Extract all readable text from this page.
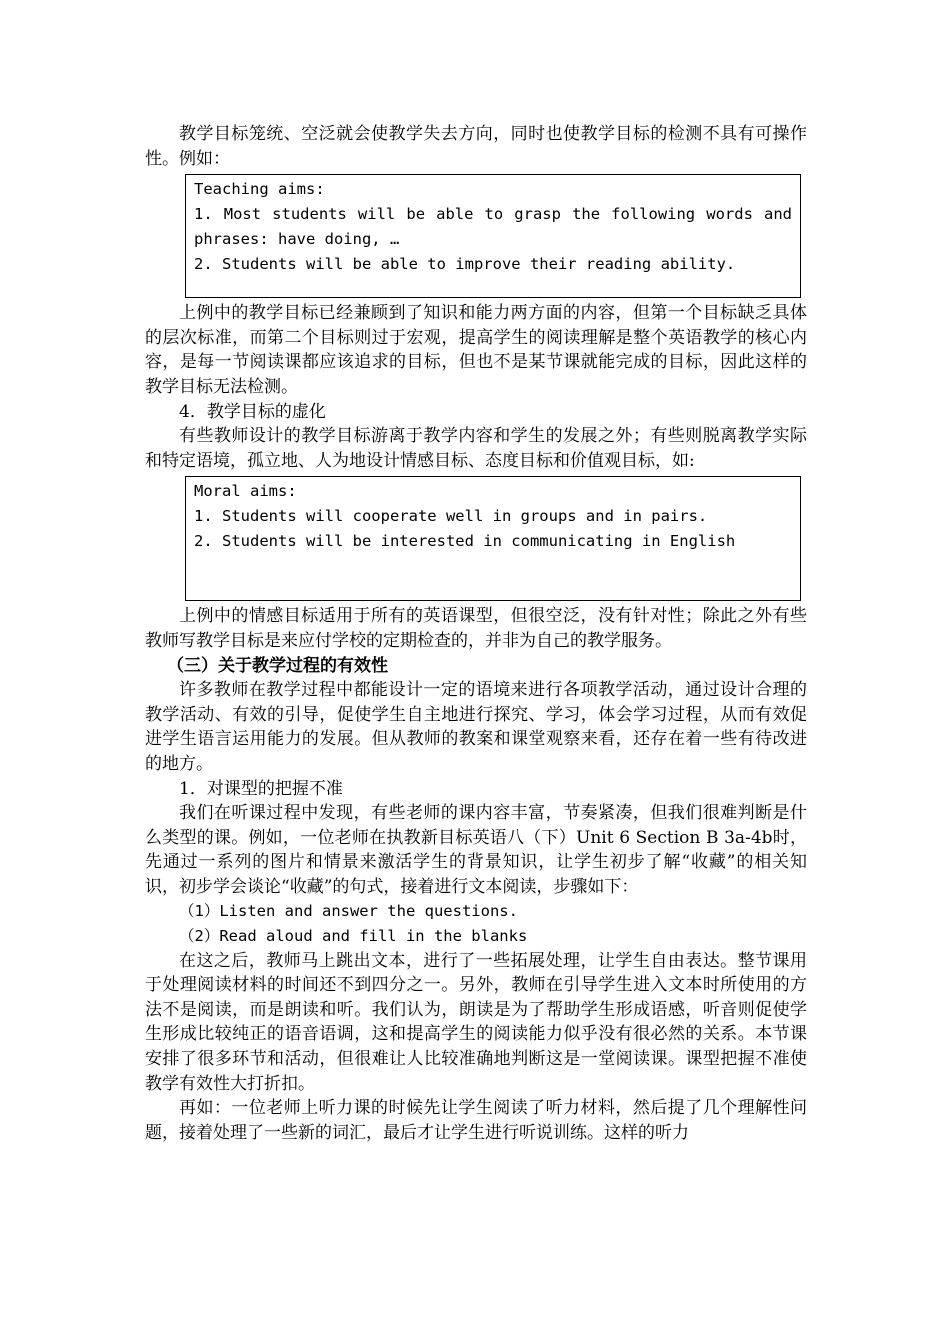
教学目标笼统、空泛就会使教学失去方向，同时也使教学目标的检测不具有可操作性。例如：

Teaching aims:
1. Most students will be able to grasp the following words and phrases: have doing, …
2. Students will be able to improve their reading ability.

上例中的教学目标已经兼顾到了知识和能力两方面的内容，但第一个目标缺乏具体的层次标准，而第二个目标则过于宏观，提高学生的阅读理解是整个英语教学的核心内容，是每一节阅读课都应该追求的目标，但也不是某节课就能完成的目标，因此这样的教学目标无法检测。

4．教学目标的虚化

有些教师设计的教学目标游离于教学内容和学生的发展之外；有些则脱离教学实际和特定语境，孤立地、人为地设计情感目标、态度目标和价值观目标，如:

Moral aims:
1. Students will cooperate well in groups and in pairs.
2. Students will be interested in communicating in English

上例中的情感目标适用于所有的英语课型，但很空泛，没有针对性；除此之外有些教师写教学目标是来应付学校的定期检查的，并非为自己的教学服务。

（三）关于教学过程的有效性

许多教师在教学过程中都能设计一定的语境来进行各项教学活动，通过设计合理的教学活动、有效的引导，促使学生自主地进行探究、学习，体会学习过程，从而有效促进学生语言运用能力的发展。但从教师的教案和课堂观察来看，还存在着一些有待改进的地方。

1．对课型的把握不准

我们在听课过程中发现，有些老师的课内容丰富，节奏紧凑，但我们很难判断是什么类型的课。例如，一位老师在执教新目标英语八（下）Unit 6 Section B 3a-4b时，先通过一系列的图片和情景来激活学生的背景知识，让学生初步了解“收藏”的相关知识，初步学会谈论“收藏”的句式，接着进行文本阅读，步骤如下：

（1）Listen and answer the questions.

（2）Read aloud and fill in the blanks

在这之后，教师马上跳出文本，进行了一些拓展处理，让学生自由表达。整节课用于处理阅读材料的时间还不到四分之一。另外，教师在引导学生进入文本时所使用的方法不是阅读，而是朗读和听。我们认为，朗读是为了帮助学生形成语感，听音则促使学生形成比较纯正的语音语调，这和提高学生的阅读能力似乎没有很必然的关系。本节课安排了很多环节和活动，但很难让人比较准确地判断这是一堂阅读课。课型把握不准使教学有效性大打折扣。

再如：一位老师上听力课的时候先让学生阅读了听力材料，然后提了几个理解性问题，接着处理了一些新的词汇，最后才让学生进行听说训练。这样的听力
